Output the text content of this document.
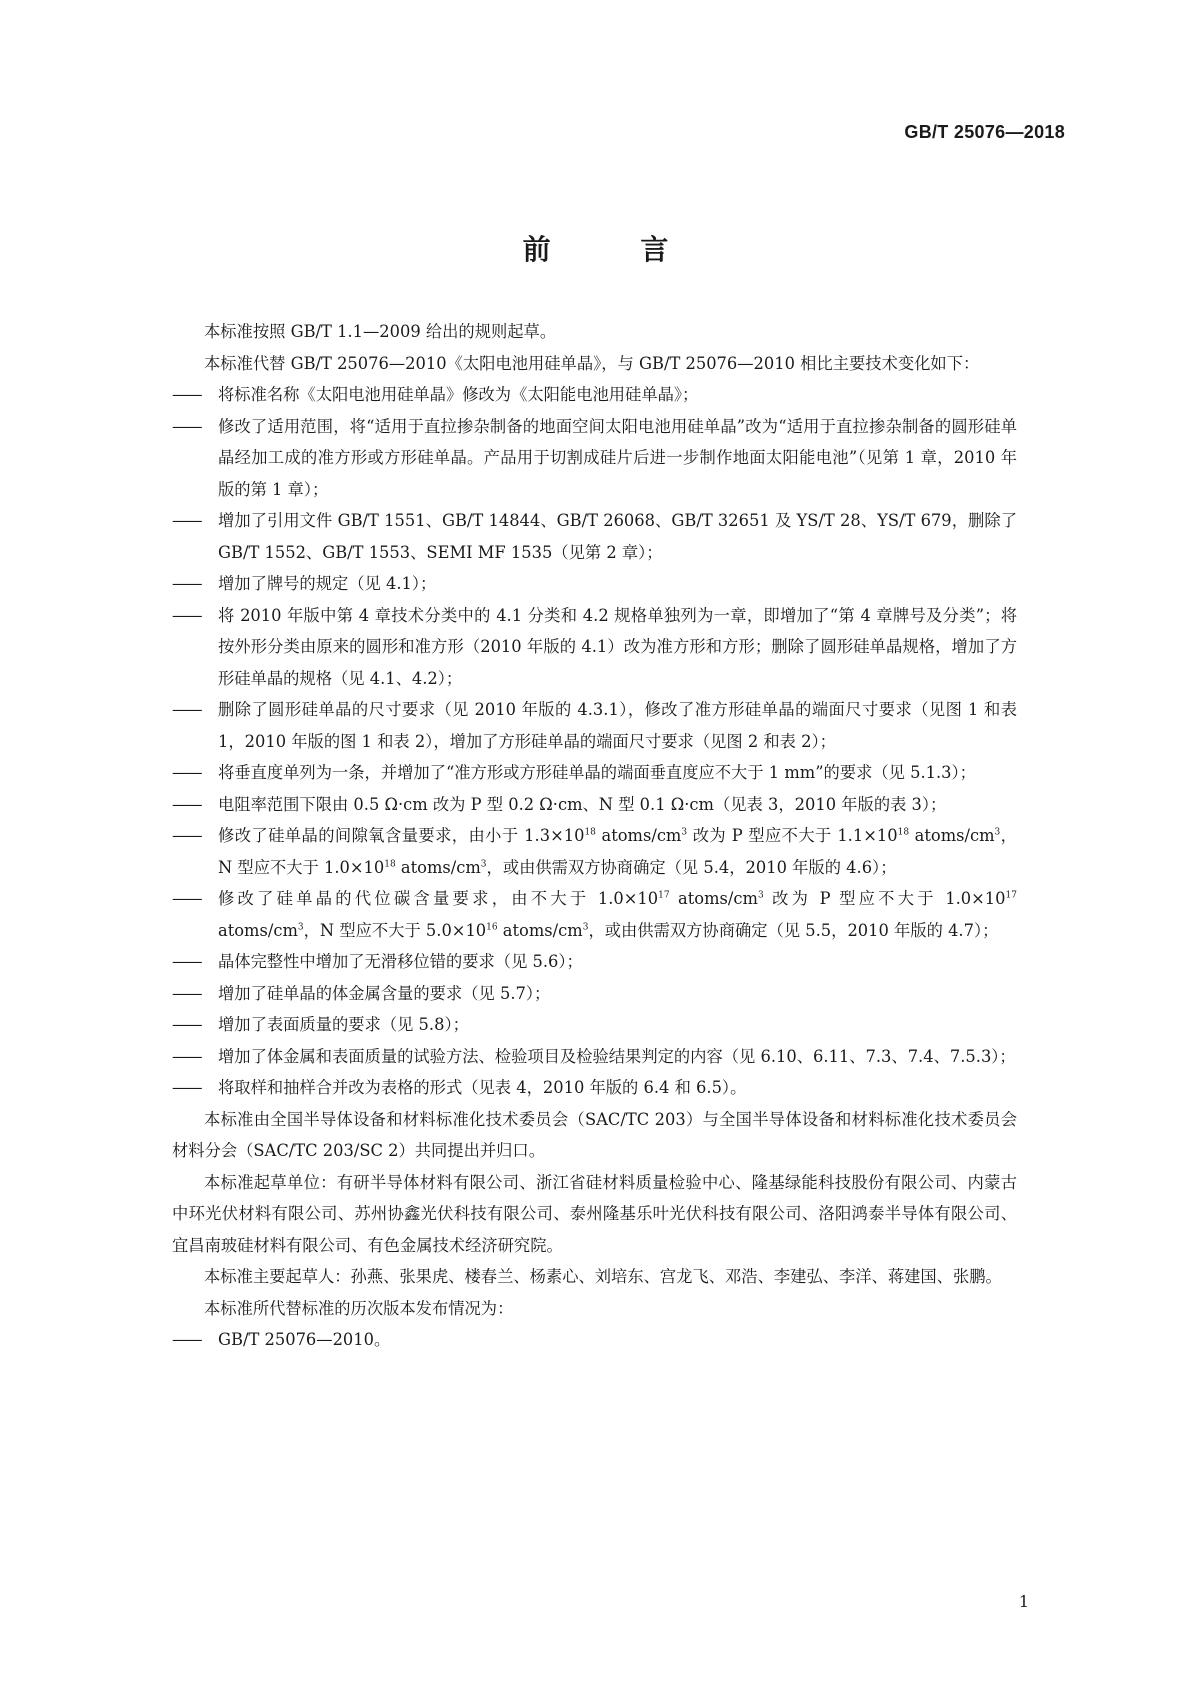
GB/T 25076—2018
前 言

本标准按照 GB/T 1.1—2009 给出的规则起草。

本标准代替 GB/T 25076—2010《太阳电池用硅单晶》，与 GB/T 25076—2010 相比主要技术变化如下：

——	将标准名称《太阳电池用硅单晶》修改为《太阳能电池用硅单晶》；

——	修改了适用范围，将“适用于直拉掺杂制备的地面空间太阳电池用硅单晶”改为“适用于直拉掺杂制备的圆形硅单晶经加工成的准方形或方形硅单晶。产品用于切割成硅片后进一步制作地面太阳能电池”（见第 1 章，2010 年版的第 1 章）；

——	增加了引用文件 GB/T 1551、GB/T 14844、GB/T 26068、GB/T 32651 及 YS/T 28、YS/T 679，删除了 GB/T 1552、GB/T 1553、SEMI MF 1535（见第 2 章）；

——	增加了牌号的规定（见 4.1）；

——	将 2010 年版中第 4 章技术分类中的 4.1 分类和 4.2 规格单独列为一章，即增加了“第 4 章牌号及分类”；将按外形分类由原来的圆形和准方形（2010 年版的 4.1）改为准方形和方形；删除了圆形硅单晶规格，增加了方形硅单晶的规格（见 4.1、4.2）；

——	删除了圆形硅单晶的尺寸要求（见 2010 年版的 4.3.1），修改了准方形硅单晶的端面尺寸要求（见图 1 和表 1，2010 年版的图 1 和表 2），增加了方形硅单晶的端面尺寸要求（见图 2 和表 2）；

——	将垂直度单列为一条，并增加了“准方形或方形硅单晶的端面垂直度应不大于 1 mm”的要求（见 5.1.3）；

——	电阻率范围下限由 0.5 Ω·cm 改为 P 型 0.2 Ω·cm、N 型 0.1 Ω·cm（见表 3，2010 年版的表 3）；

——	修改了硅单晶的间隙氧含量要求，由小于 $1.3\times 10^{18}$ atoms/$cm^3$ 改为 P 型应不大于 $1.1\times 10^{18}$ atoms/$cm^3$，N 型应不大于 $1.0\times 10^{18}$ atoms/$cm^3$，或由供需双方协商确定（见 5.4，2010 年版的 4.6）；

——	修改了硅单晶的代位碳含量要求，由不大于 $1.0\times 10^{17}$ atoms/$cm^3$ 改为 P 型应不大于 $1.0\times 10^{17}$ atoms/$cm^3$，N 型应不大于 $5.0\times 10^{16}$ atoms/$cm^3$，或由供需双方协商确定（见 5.5，2010 年版的 4.7）；

——	晶体完整性中增加了无滑移位错的要求（见 5.6）；

——	增加了硅单晶的体金属含量的要求（见 5.7）；

——	增加了表面质量的要求（见 5.8）；

——	增加了体金属和表面质量的试验方法、检验项目及检验结果判定的内容（见 6.10、6.11、7.3、7.4、7.5.3）；

——	将取样和抽样合并改为表格的形式（见表 4，2010 年版的 6.4 和 6.5）。

本标准由全国半导体设备和材料标准化技术委员会（SAC/TC 203）与全国半导体设备和材料标准化技术委员会材料分会（SAC/TC 203/SC 2）共同提出并归口。

本标准起草单位：有研半导体材料有限公司、浙江省硅材料质量检验中心、隆基绿能科技股份有限公司、内蒙古中环光伏材料有限公司、苏州协鑫光伏科技有限公司、泰州隆基乐叶光伏科技有限公司、洛阳鸿泰半导体有限公司、宜昌南玻硅材料有限公司、有色金属技术经济研究院。

本标准主要起草人：孙燕、张果虎、楼春兰、杨素心、刘培东、宫龙飞、邓浩、李建弘、李洋、蒋建国、张鹏。

本标准所代替标准的历次版本发布情况为：

——	GB/T 25076—2010。

1
